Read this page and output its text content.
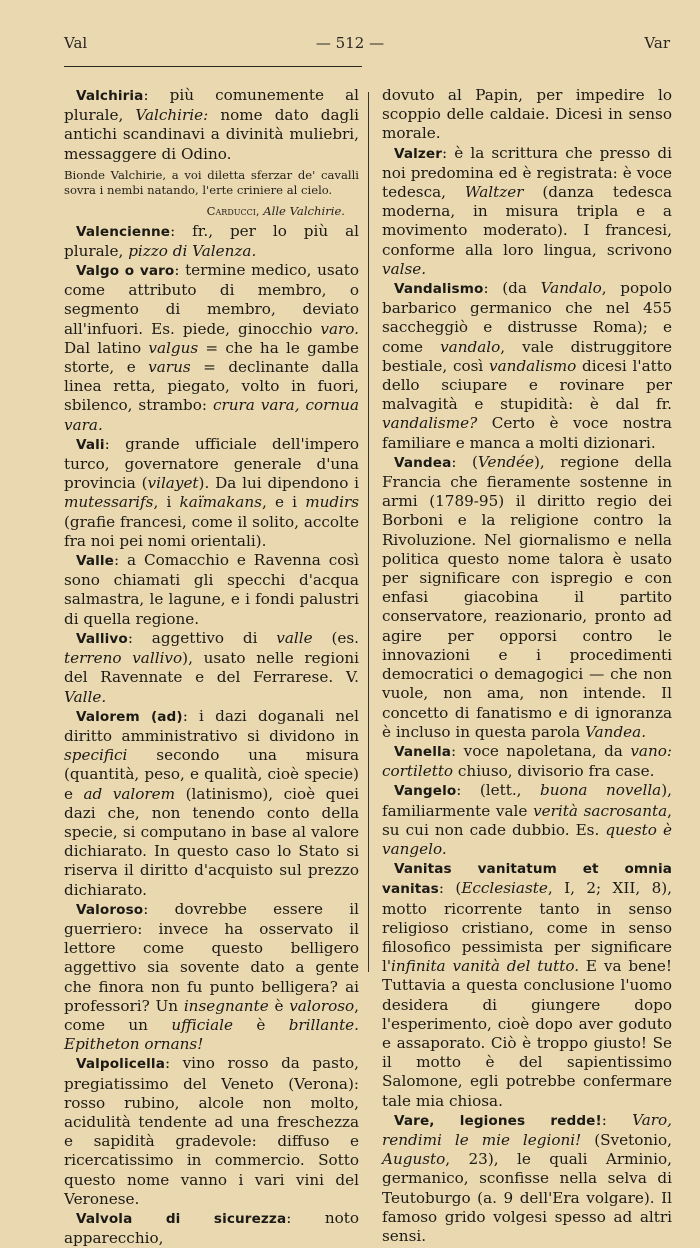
Val	— 512 —	Var
Valchiria: più comunemente al plurale, Valchirie: nome dato dagli antichi scandinavi a divinità muliebri, messaggere di Odino.
Bionde Valchirie, a voi diletta sferzar de' cavalli sovra i nembi natando, l'erte criniere al cielo.
Carducci, Alle Valchirie.
Valencienne: fr., per lo più al plurale, pizzo di Valenza.
Valgo o varo: termine medico, usato come attributo di membro, o segmento di membro, deviato all'infuori. Es. piede, ginocchio varo. Dal latino valgus = che ha le gambe storte, e varus = declinante dalla linea retta, piegato, volto in fuori, sbilenco, strambo: crura vara, cornua vara.
Vali: grande ufficiale dell'impero turco, governatore generale d'una provincia (vilayet). Da lui dipendono i mutessarifs, i kaïmakans, e i mudirs (grafie francesi, come il solito, accolte fra noi pei nomi orientali).
Valle: a Comacchio e Ravenna così sono chiamati gli specchi d'acqua salmastra, le lagune, e i fondi palustri di quella regione.
Vallivo: aggettivo di valle (es. terreno vallivo), usato nelle regioni del Ravennate e del Ferrarese. V. Valle.
Valorem (ad): i dazi doganali nel diritto amministrativo si dividono in specifici secondo una misura (quantità, peso, e qualità, cioè specie) e ad valorem (latinismo), cioè quei dazi che, non tenendo conto della specie, si computano in base al valore dichiarato. In questo caso lo Stato si riserva il diritto d'acquisto sul prezzo dichiarato.
Valoroso: dovrebbe essere il guerriero: invece ha osservato il lettore come questo belligero aggettivo sia sovente dato a gente che finora non fu punto belligera? ai professori? Un insegnante è valoroso, come un ufficiale è brillante. Epitheton ornans!
Valpolicella: vino rosso da pasto, pregiatissimo del Veneto (Verona): rosso rubino, alcole non molto, acidulità tendente ad una freschezza e sapidità gradevole: diffuso e ricercatissimo in commercio. Sotto questo nome vanno i vari vini del Veronese.
Valvola di sicurezza: noto apparecchio,
dovuto al Papin, per impedire lo scoppio delle caldaie. Dicesi in senso morale.
Valzer: è la scrittura che presso di noi predomina ed è registrata: è voce tedesca, Waltzer (danza tedesca moderna, in misura tripla e a movimento moderato). I francesi, conforme alla loro lingua, scrivono valse.
Vandalismo: (da Vandalo, popolo barbarico germanico che nel 455 saccheggiò e distrusse Roma); e come vandalo, vale distruggitore bestiale, così vandalismo dicesi l'atto dello sciupare e rovinare per malvagità e stupidità: è dal fr. vandalisme? Certo è voce nostra familiare e manca a molti dizionari.
Vandea: (Vendée), regione della Francia che fieramente sostenne in armi (1789-95) il diritto regio dei Borboni e la religione contro la Rivoluzione. Nel giornalismo e nella politica questo nome talora è usato per significare con ispregio e con enfasi giacobina il partito conservatore, reazionario, pronto ad agire per opporsi contro le innovazioni e i procedimenti democratici o demagogici — che non vuole, non ama, non intende. Il concetto di fanatismo e di ignoranza è incluso in questa parola Vandea.
Vanella: voce napoletana, da vano: cortiletto chiuso, divisorio fra case.
Vangelo: (lett., buona novella), familiarmente vale verità sacrosanta, su cui non cade dubbio. Es. questo è vangelo.
Vanitas vanitatum et omnia vanitas: (Ecclesiaste, I, 2; XII, 8), motto ricorrente tanto in senso religioso cristiano, come in senso filosofico pessimista per significare l'infinita vanità del tutto. E va bene! Tuttavia a questa conclusione l'uomo desidera di giungere dopo l'esperimento, cioè dopo aver goduto e assaporato. Ciò è troppo giusto! Se il motto è del sapientissimo Salomone, egli potrebbe confermare tale mia chiosa.
Vare, legiones redde!: Varo, rendimi le mie legioni! (Svetonio, Augusto, 23), le quali Arminio, germanico, sconfisse nella selva di Teutoburgo (a. 9 dell'Era volgare). Il famoso grido volgesi spesso ad altri sensi.
